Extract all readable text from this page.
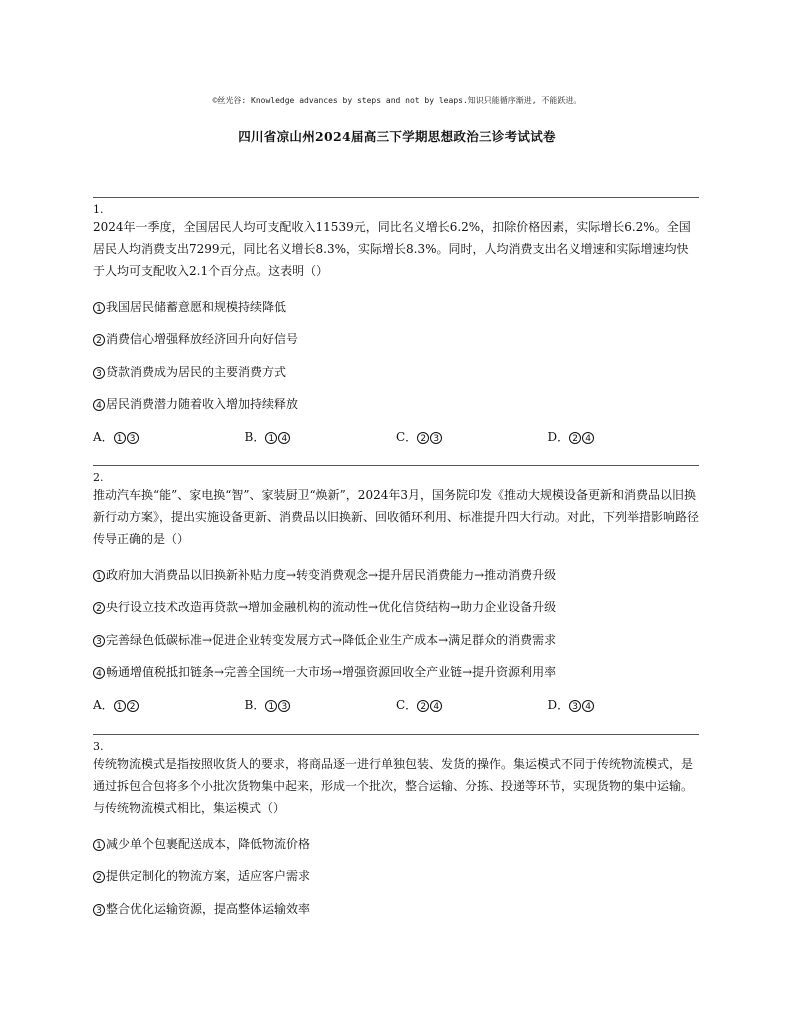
©丝光谷: Knowledge advances by steps and not by leaps.知识只能循序渐进, 不能跃进。
四川省凉山州2024届高三下学期思想政治三诊考试试卷
1.

2024年一季度，全国居民人均可支配收入11539元，同比名义增长6.2%，扣除价格因素，实际增长6.2%。全国居民人均消费支出7299元，同比名义增长8.3%，实际增长8.3%。同时，人均消费支出名义增速和实际增速均快于人均可支配收入2.1个百分点。这表明（）

1 我国居民储蓄意愿和规模持续降低
2 消费信心增强释放经济回升向好信号
3 贷款消费成为居民的主要消费方式
4 居民消费潜力随着收入增加持续释放
A． 1 3	B． 1 4	C． 2 3	D． 2 4
2.

推动汽车换“能”、家电换“智”、家装厨卫“焕新”，2024年3月，国务院印发《推动大规模设备更新和消费品以旧换新行动方案》，提出实施设备更新、消费品以旧换新、回收循环利用、标准提升四大行动。对此，下列举措影响路径传导正确的是（）

1 政府加大消费品以旧换新补贴力度→转变消费观念→提升居民消费能力→推动消费升级
2 央行设立技术改造再贷款→增加金融机构的流动性→优化信贷结构→助力企业设备升级
3 完善绿色低碳标准→促进企业转变发展方式→降低企业生产成本→满足群众的消费需求
4 畅通增值税抵扣链条→完善全国统一大市场→增强资源回收全产业链→提升资源利用率
A． 1 2	B． 1 3	C． 2 4	D． 3 4
3.

传统物流模式是指按照收货人的要求，将商品逐一进行单独包装、发货的操作。集运模式不同于传统物流模式，是通过拆包合包将多个小批次货物集中起来，形成一个批次，整合运输、分拣、投递等环节，实现货物的集中运输。与传统物流模式相比，集运模式（）

1 减少单个包裹配送成本，降低物流价格
2 提供定制化的物流方案，适应客户需求
3 整合优化运输资源，提高整体运输效率
